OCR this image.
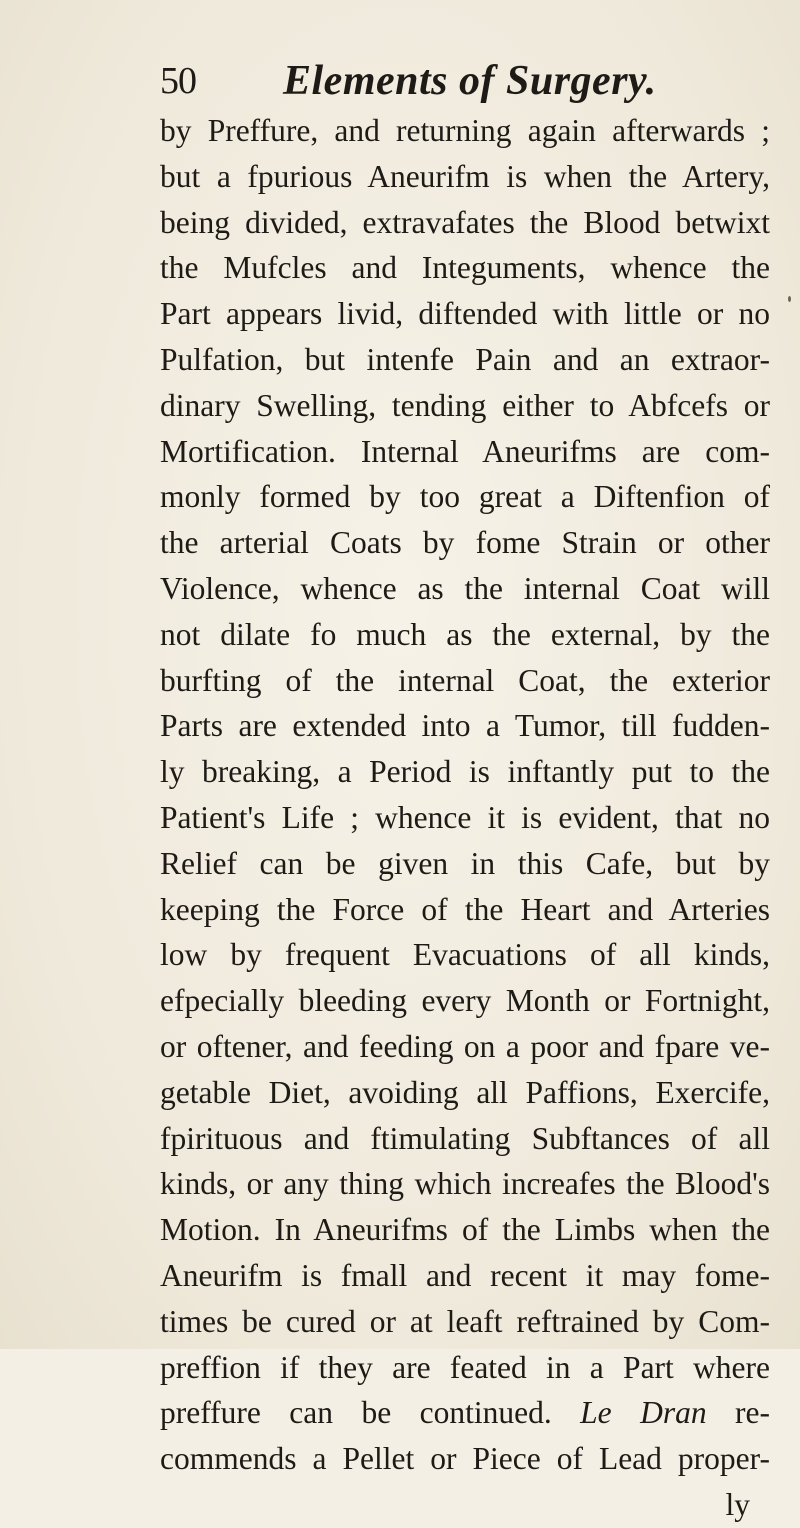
50 Elements of Surgery.
by Preffure, and returning again afterwards ;
but a fpurious Aneurifm is when the Artery,
being divided, extravafates the Blood betwixt
the Mufcles and Integuments, whence the
Part appears livid, diftended with little or no
Pulfation, but intenfe Pain and an extraor-
dinary Swelling, tending either to Abfcefs or
Mortification. Internal Aneurifms are com-
monly formed by too great a Diftenfion of
the arterial Coats by fome Strain or other
Violence, whence as the internal Coat will
not dilate fo much as the external, by the
burfting of the internal Coat, the exterior
Parts are extended into a Tumor, till fudden-
ly breaking, a Period is inftantly put to the
Patient's Life ; whence it is evident, that no
Relief can be given in this Cafe, but by
keeping the Force of the Heart and Arteries
low by frequent Evacuations of all kinds,
efpecially bleeding every Month or Fortnight,
or oftener, and feeding on a poor and fpare ve-
getable Diet, avoiding all Paffions, Exercife,
fpirituous and ftimulating Subftances of all
kinds, or any thing which increafes the Blood's
Motion. In Aneurifms of the Limbs when the
Aneurifm is fmall and recent it may fome-
times be cured or at leaft reftrained by Com-
preffion if they are feated in a Part where
preffure can be continued. Le Dran re-
commends a Pellet or Piece of Lead proper-
ly
